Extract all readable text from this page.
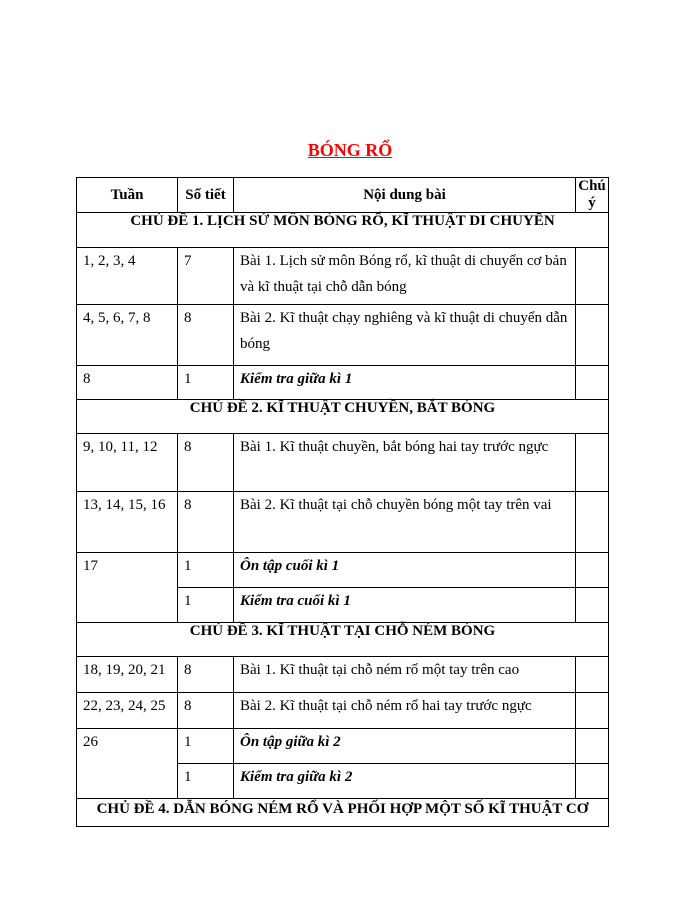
BÓNG RỔ
Tuần	Số tiết	Nội dung bài	Chú ý
CHỦ ĐỀ 1. LỊCH SỬ MÔN BÓNG RỔ, KĨ THUẬT DI CHUYỂN			
1, 2, 3, 4	7	Bài 1. Lịch sử môn Bóng rổ, kĩ thuật di chuyển cơ bản và kĩ thuật tại chỗ dẫn bóng	
4, 5, 6, 7, 8	8	Bài 2. Kĩ thuật chạy nghiêng và kĩ thuật di chuyển dẫn bóng	
8	1	Kiểm tra giữa kì 1	
CHỦ ĐỀ 2. KĨ THUẬT CHUYỀN, BẮT BÓNG			
9, 10, 11, 12	8	Bài 1. Kĩ thuật chuyền, bắt bóng hai tay trước ngực	
13, 14, 15, 16	8	Bài 2. Kĩ thuật tại chỗ chuyền bóng một tay trên vai	
17	1	Ôn tập cuối kì 1	
	1	Kiểm tra cuối kì 1	
CHỦ ĐỀ 3. KĨ THUẬT TẠI CHỖ NÉM BÓNG			
18, 19, 20, 21	8	Bài 1. Kĩ thuật tại chỗ ném rổ một tay trên cao	
22, 23, 24, 25	8	Bài 2. Kĩ thuật tại chỗ ném rổ hai tay trước ngực	
26	1	Ôn tập giữa kì 2	
	1	Kiểm tra giữa kì 2	
CHỦ ĐỀ 4. DẪN BÓNG NÉM RỔ VÀ PHỐI HỢP MỘT SỐ KĨ THUẬT CƠ			
